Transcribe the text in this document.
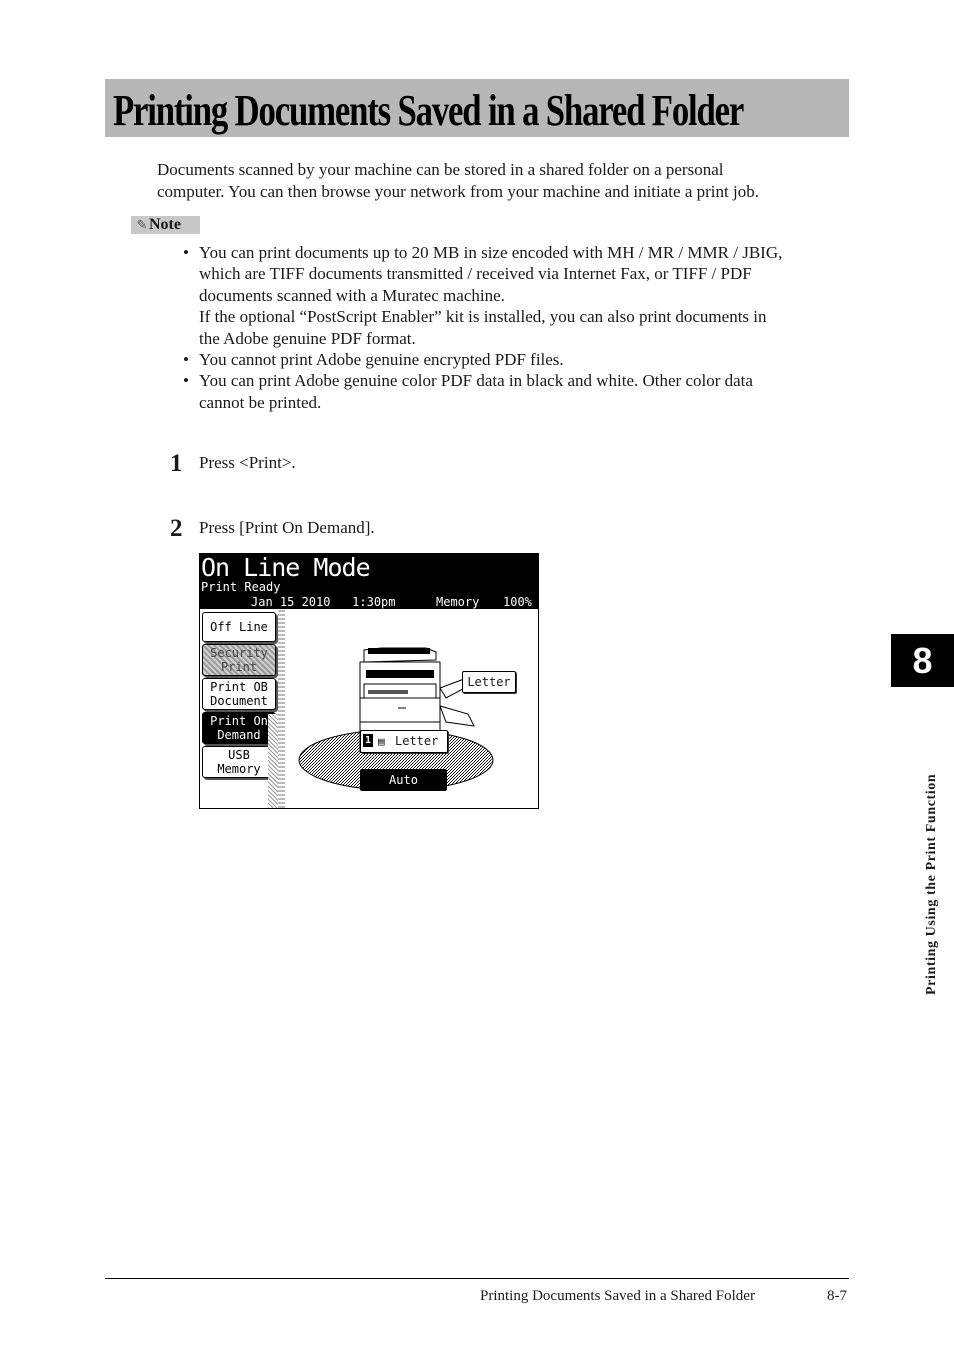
Printing Documents Saved in a Shared Folder
Documents scanned by your machine can be stored in a shared folder on a personal
computer. You can then browse your network from your machine and initiate a print job.
✎Note
• You can print documents up to 20 MB in size encoded with MH / MR / MMR / JBIG,
which are TIFF documents transmitted / received via Internet Fax, or TIFF / PDF
documents scanned with a Muratec machine.
If the optional “PostScript Enabler” kit is installed, you can also print documents in
the Adobe genuine PDF format.
• You cannot print Adobe genuine encrypted PDF files.
• You can print Adobe genuine color PDF data in black and white. Other color data
cannot be printed.
1 Press <Print>.
2 Press [Print On Demand].
On Line Mode
Print Ready
Jan 15 2010   1:30pm	Memory 100%
Off Line
Security
Print
Print OB
Document
Print On
Demand
USB
Memory
Letter
1 ▤ Letter
Auto
8
Printing Using the Print Function
Printing Documents Saved in a Shared Folder	8-7
